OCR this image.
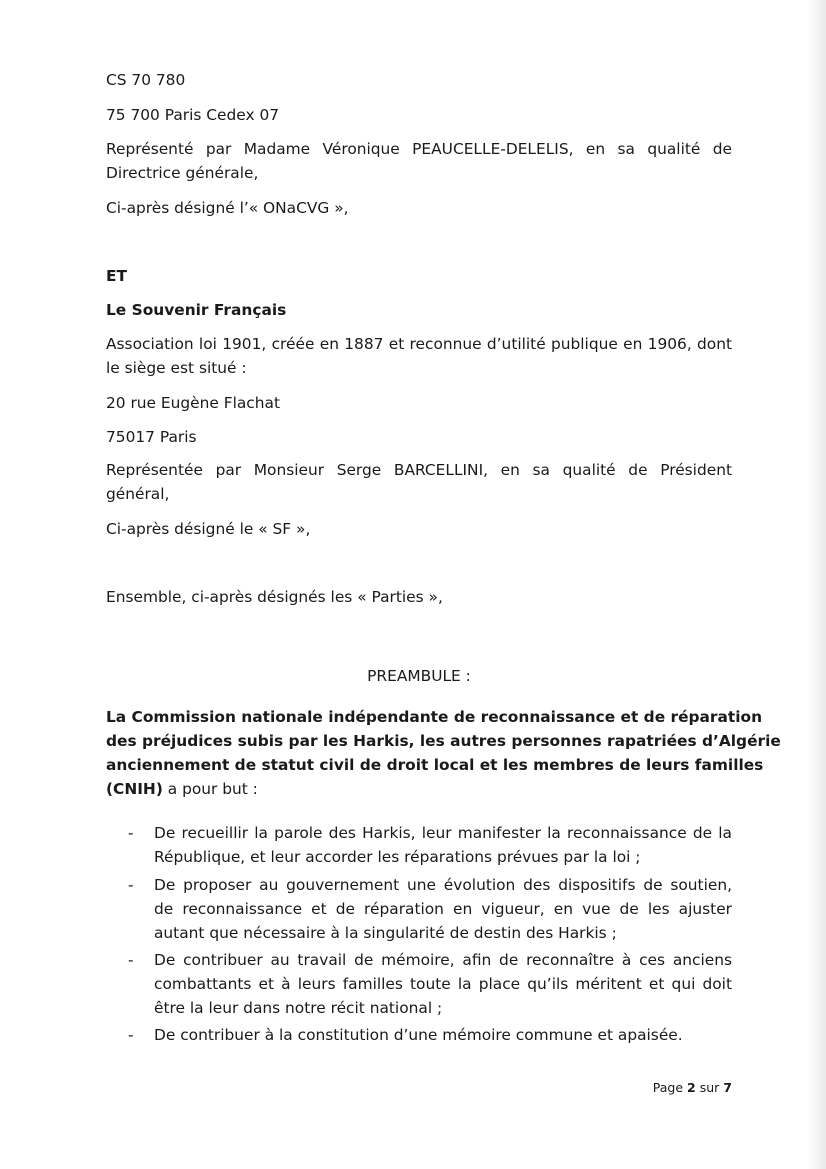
CS 70 780
75 700 Paris Cedex 07
Représenté par Madame Véronique PEAUCELLE-DELELIS, en sa qualité de
Directrice générale,
Ci-après désigné l’« ONaCVG »,
ET
Le Souvenir Français
Association loi 1901, créée en 1887 et reconnue d’utilité publique en 1906, dont
le siège est situé :
20 rue Eugène Flachat
75017 Paris
Représentée par Monsieur Serge BARCELLINI, en sa qualité de Président
général,
Ci-après désigné le « SF »,
Ensemble, ci-après désignés les « Parties »,
PREAMBULE :
La Commission nationale indépendante de reconnaissance et de réparation
des préjudices subis par les Harkis, les autres personnes rapatriées d’Algérie
anciennement de statut civil de droit local et les membres de leurs familles
(CNIH) a pour but :
-	De recueillir la parole des Harkis, leur manifester la reconnaissance de la
République, et leur accorder les réparations prévues par la loi ;
-	De proposer au gouvernement une évolution des dispositifs de soutien,
de reconnaissance et de réparation en vigueur, en vue de les ajuster
autant que nécessaire à la singularité de destin des Harkis ;
-	De contribuer au travail de mémoire, afin de reconnaître à ces anciens
combattants et à leurs familles toute la place qu’ils méritent et qui doit
être la leur dans notre récit national ;
-	De contribuer à la constitution d’une mémoire commune et apaisée.
Page 2 sur 7
